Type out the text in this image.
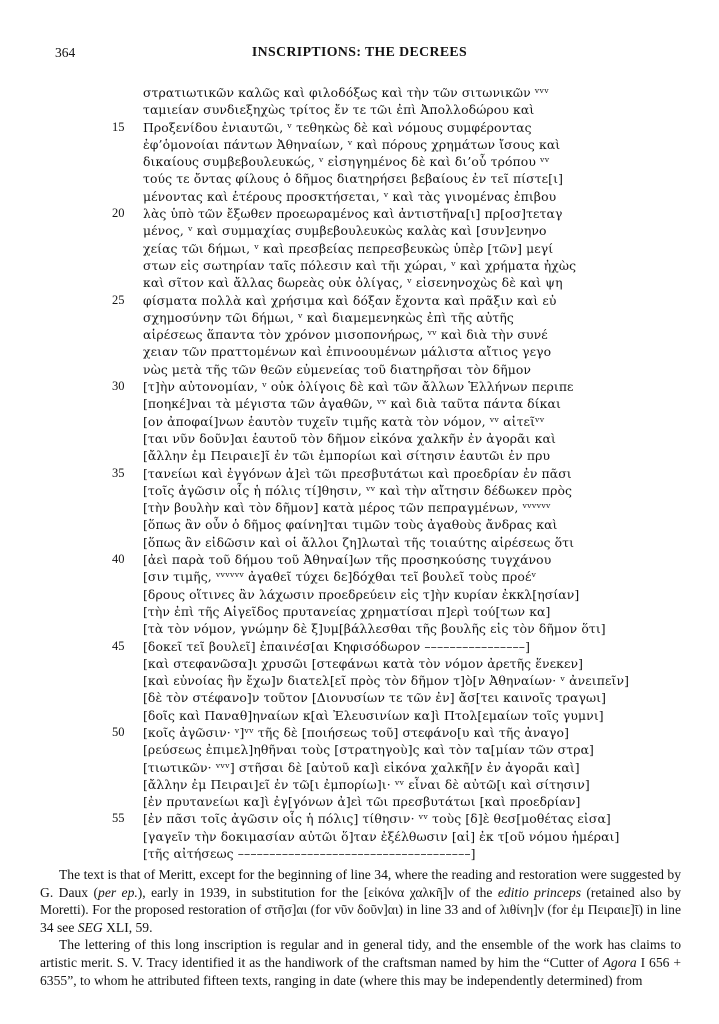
364	INSCRIPTIONS: THE DECREES
στρατιωτικῶν καλῶς καὶ φιλοδόξως καὶ τὴν τῶν σιτωνικῶν ᵛᵛᵛ
ταμιείαν συνδιεξηχὼς τρίτος ἔν τε τῶι ἐπὶ Ἀπολλοδώρου καὶ
15	Προξενίδου ἐνιαυτῶι, ᵛ τεθηκὼς δὲ καὶ νόμους συμφέροντας
ἐφ’ὁμονοίαι πάντων Ἀθηναίων, ᵛ καὶ πόρους χρημάτων ἴσους καὶ
δικαίους συμβεβουλευκώς, ᵛ εἰσηγημένος δὲ καὶ δι’οὗ τρόπου ᵛᵛ
τούς τε ὄντας φίλους ὁ δῆμος διατηρήσει βεβαίους ἐν τεῖ πίστε[ι]
μένοντας καὶ ἑτέρους προσκτήσεται, ᵛ καὶ τὰς γινομένας ἐπιβου
20	λὰς ὑπὸ τῶν ἔξωθεν προεωραμένος καὶ ἀντιστῆνα[ι] πρ[οσ]τεταγ
μένος, ᵛ καὶ συμμαχίας συμβεβουλευκὼς καλὰς καὶ [συν]ενηνο
χείας τῶι δήμωι, ᵛ καὶ πρεσβείας πεπρεσβευκὼς ὑπὲρ [τῶν] μεγί
στων εἰς σωτηρίαν ταῖς πόλεσιν καὶ τῆι χώραι, ᵛ καὶ χρήματα ἠχὼς
καὶ σῖτον καὶ ἄλλας δωρεὰς οὐκ ὀλίγας, ᵛ εἰσενηνοχὼς δὲ καὶ ψη
25	φίσματα πολλὰ καὶ χρήσιμα καὶ δόξαν ἔχοντα καὶ πρᾶξιν καὶ εὐ
σχημοσύνην τῶι δήμωι, ᵛ καὶ διαμεμενηκὼς ἐπὶ τῆς αὐτῆς
αἱρέσεως ἅπαντα τὸν χρόνον μισοπονήρως, ᵛᵛ καὶ διὰ τὴν συνέ
χειαν τῶν πραττομένων καὶ ἐπινοουμένων μάλιστα αἴτιος γεγο
νὼς μετὰ τῆς τῶν θεῶν εὐμενείας τοῦ διατηρῆσαι τὸν δῆμον
30	[τ]ὴν αὐτονομίαν, ᵛ οὐκ ὀλίγοις δὲ καὶ τῶν ἄλλων Ἑλλήνων περιπε
[ποηκέ]ναι τὰ μέγιστα τῶν ἀγαθῶν, ᵛᵛ καὶ διὰ ταῦτα πάντα δίκαι
[ον ἀποφαί]νων ἑαυτὸν τυχεῖν τιμῆς κατὰ τὸν νόμον, ᵛᵛ αἰτεῖᵛᵛ
[ται νῦν δοῦν]αι ἑαυτοῦ τὸν δῆμον εἰκόνα χαλκῆν ἐν ἀγορᾶι καὶ
[ἄλλην ἐμ Πειραιε]ῖ ἐν τῶι ἐμπορίωι καὶ σίτησιν ἑαυτῶι ἐν πρυ
35	[τανείωι καὶ ἐγγόνων ἀ]εὶ τῶι πρεσβυτάτωι καὶ προεδρίαν ἐν πᾶσι
[τοῖς ἀγῶσιν οἷς ἡ πόλις τί]θησιν, ᵛᵛ καὶ τὴν αἴτησιν δέδωκεν πρὸς
[τὴν βουλὴν καὶ τὸν δῆμον] κατὰ μέρος τῶν πεπραγμένων, ᵛᵛᵛᵛᵛᵛ
[ὅπως ἂν οὖν ὁ δῆμος φαίνη]ται τιμῶν τοὺς ἀγαθοὺς ἄνδρας καὶ
[ὅπως ἂν εἰδῶσιν καὶ οἱ ἄλλοι ζη]λωταὶ τῆς τοιαύτης αἱρέσεως ὅτι
40	[ἀεὶ παρὰ τοῦ δήμου τοῦ Ἀθηναί]ων τῆς προσηκούσης τυγχάνου
[σιν τιμῆς, ᵛᵛᵛᵛᵛᵛ ἀγαθεῖ τύχει δε]δόχθαι τεῖ βουλεῖ τοὺς προέᵛ
[δρους οἵτινες ἂν λάχωσιν προεδρεύειν εἰς τ]ὴν κυρίαν ἐκκλ[ησίαν]
[τὴν ἐπὶ τῆς Αἰγεῖδος πρυτανείας χρηματίσαι π]ερὶ τού[των κα]
[τὰ τὸν νόμον, γνώμην δὲ ξ]υμ[βάλλεσθαι τῆς βουλῆς εἰς τὸν δῆμον ὅτι]
45	[δοκεῖ τεῖ βουλεῖ] ἐπαινέσ[αι Κηφισόδωρον ––––––––––––––––]
[καὶ στεφανῶσα]ι χρυσῶι [στεφάνωι κατὰ τὸν νόμον ἀρετῆς ἕνεκεν]
[καὶ εὐνοίας ἣν ἔχω]ν διατελ[εῖ πρὸς τὸν δῆμον τ]ὸ[ν Ἀθηναίων· ᵛ ἀνειπεῖν]
[δὲ τὸν στέφανο]ν τοῦτον [Διονυσίων τε τῶν ἐν] ἄσ[τει καινοῖς τραγωι]
[δοῖς καὶ Παναθ]ηναίων κ[αὶ Ἐλευσινίων κα]ὶ Πτολ[εμαίων τοῖς γυμνι]
50	[κοῖς ἀγῶσιν· ᵛ]ᵛᵛ τῆς δὲ [ποιήσεως τοῦ] στεφάνο[υ καὶ τῆς ἀναγο]
[ρεύσεως ἐπιμελ]ηθῆναι τοὺς [στρατηγοὺ]ς καὶ τὸν τα[μίαν τῶν στρα]
[τιωτικῶν· ᵛᵛᵛ] στῆσαι δὲ [αὐτοῦ κα]ὶ εἰκόνα χαλκῆ[ν ἐν ἀγορᾶι καὶ]
[ἄλλην ἐμ Πειραι]εῖ ἐν τῶ[ι ἐμπορίω]ι· ᵛᵛ εἶναι δὲ αὐτῶ[ι καὶ σίτησιν]
[ἐν πρυτανείωι κα]ὶ ἐγ[γόνων ἀ]εὶ τῶι πρεσβυτάτωι [καὶ προεδρίαν]
55	[ἐν πᾶσι τοῖς ἀγῶσιν οἷς ἡ πόλις] τίθησιν· ᵛᵛ τοὺς [δ]ὲ θεσ[μοθέτας εἰσα]
[γαγεῖν τὴν δοκιμασίαν αὐτῶι ὅ]ταν ἐξέλθωσιν [αἱ] ἐκ τ[οῦ νόμου ἡμέραι]
[τῆς αἰτήσεως –––––––––––––––––––––––––––––––––––––]

The text is that of Meritt, except for the beginning of line 34, where the reading and restoration were suggested by G. Daux (per ep.), early in 1939, in substitution for the [εἰκόνα χαλκῆ]ν of the editio princeps (retained also by Moretti). For the proposed restoration of στῆσ]αι (for νῦν δοῦν]αι) in line 33 and of λιθίνη]ν (for ἐμ Πειραιε]ῖ) in line 34 see SEG XLI, 59.

The lettering of this long inscription is regular and in general tidy, and the ensemble of the work has claims to artistic merit. S. V. Tracy identified it as the handiwork of the craftsman named by him the “Cutter of Agora I 656 + 6355”, to whom he attributed fifteen texts, ranging in date (where this may be independently determined) from
